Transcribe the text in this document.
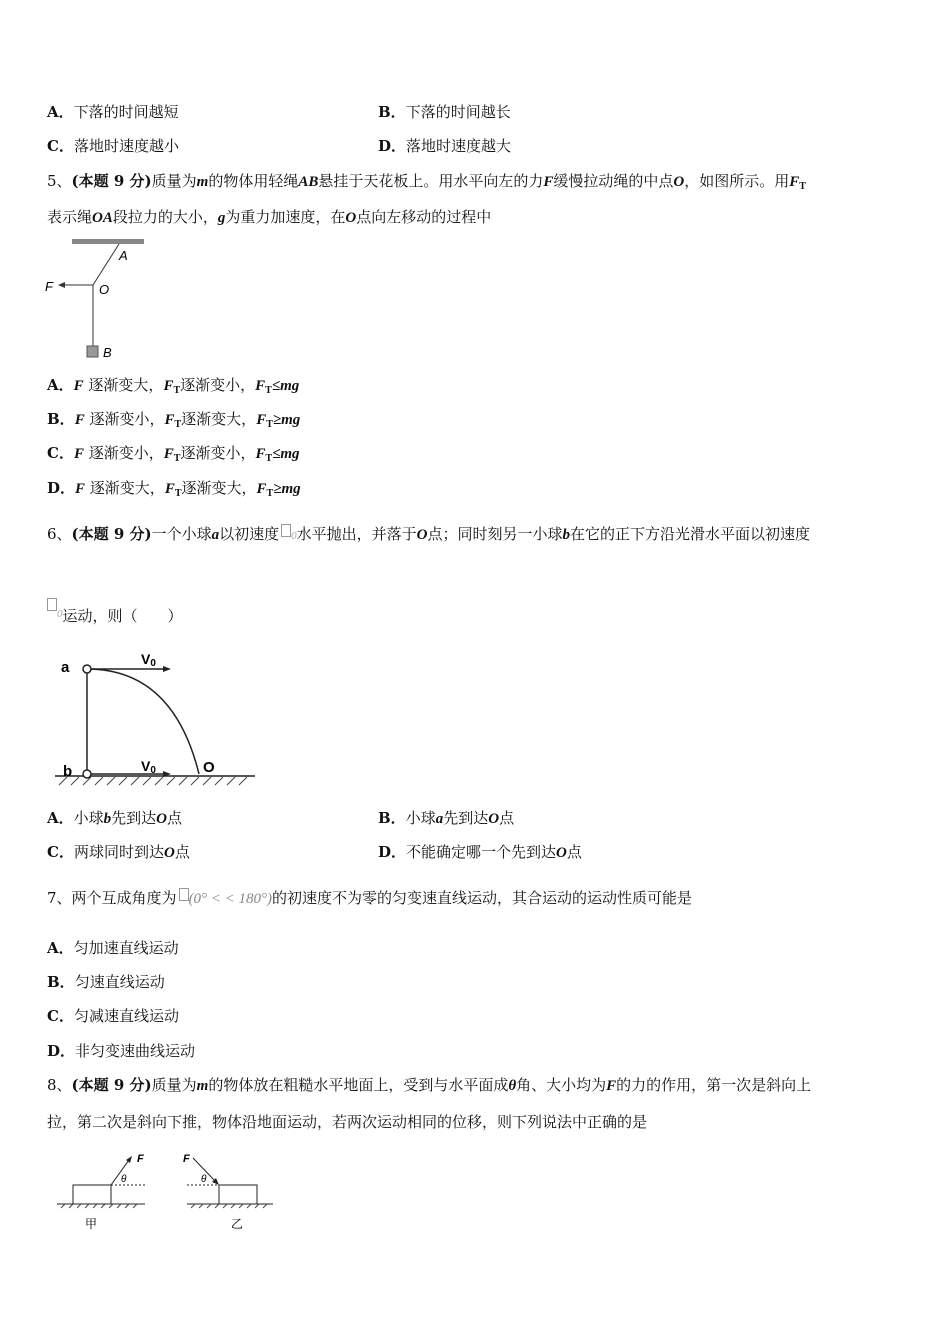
A．下落的时间越短	B．下落的时间越长
C．落地时速度越小	D．落地时速度越大
5、(本题 9 分)质量为m的物体用轻绳AB悬挂于天花板上。用水平向左的力F缓慢拉动绳的中点O，如图所示。用$F_T$
表示绳OA段拉力的大小，g为重力加速度，在O点向左移动的过程中
A
O
F
B
A．F 逐渐变大，$F_T$逐渐变小，$F_T\le mg$
B．F 逐渐变小，$F_T$逐渐变大，$F_T\ge mg$
C．F 逐渐变小，$F_T$逐渐变小，$F_T\le mg$
D．F 逐渐变大，$F_T$逐渐变大，$F_T\ge mg$
6、(本题 9 分)一个小球a以初速度 0水平抛出，并落于O点；同时刻另一小球b在它的正下方沿光滑水平面以初速度
$^0$运动，则（　　）
a
b
V0
V0	O
A．小球b先到达O点	B．小球a先到达O点
C．两球同时到达O点	D．不能确定哪一个先到达O点
7、两个互成角度为 (0° < < 180°)的初速度不为零的匀变速直线运动，其合运动的运动性质可能是
A．匀加速直线运动
B．匀速直线运动
C．匀减速直线运动
D．非匀变速曲线运动
8、(本题 9 分)质量为m的物体放在粗糙水平地面上，受到与水平面成θ角、大小均为F的力的作用，第一次是斜向上
拉，第二次是斜向下推，物体沿地面运动，若两次运动相同的位移，则下列说法中正确的是
F
θ
甲
F
θ
乙
